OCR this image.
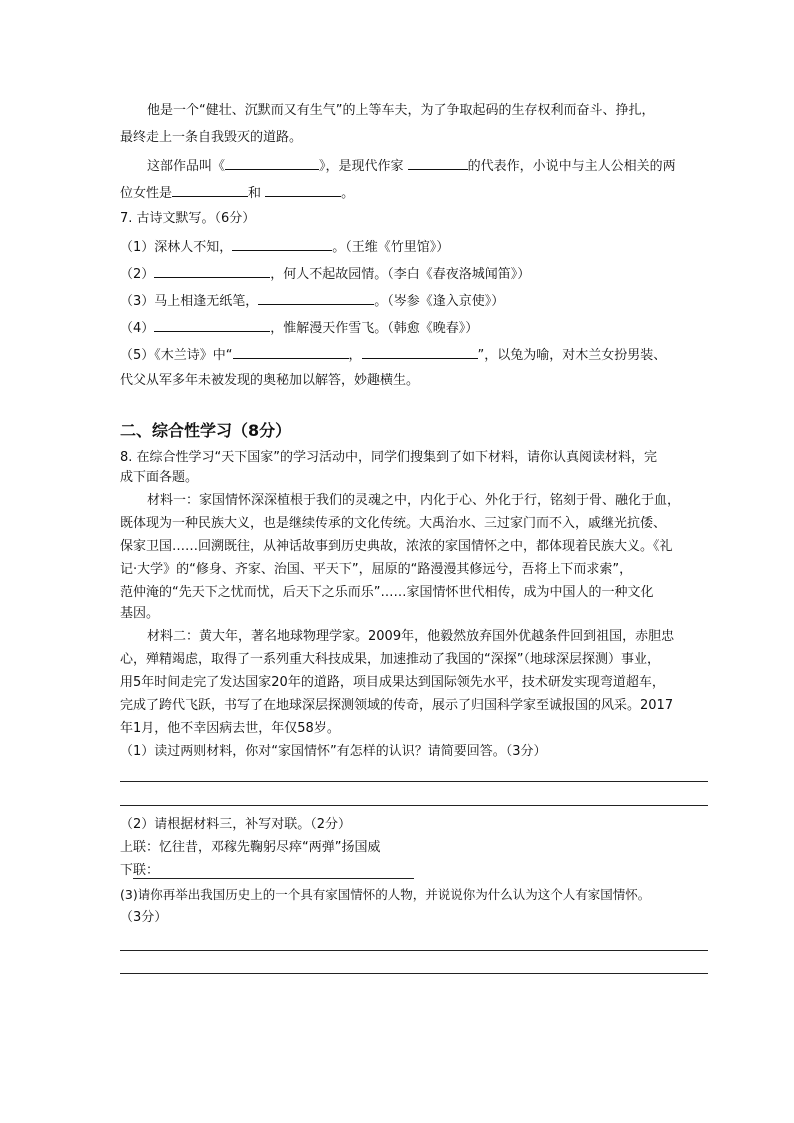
他是一个“健壮、沉默而又有生气”的上等车夫，为了争取起码的生存权利而奋斗、挣扎，
最终走上一条自我毁灭的道路。
这部作品叫《	》，是现代作家	的代表作，小说中与主人公相关的两
位女性是	和	。
7. 古诗文默写。（6分）
（1）深林人不知，	。（王维《竹里馆》）
（2）	，何人不起故园情。（李白《春夜洛城闻笛》）
（3）马上相逢无纸笔，	。（岑参《逢入京使》）
（4）	，惟解漫天作雪飞。（韩愈《晚春》）
（5）《木兰诗》中“	，	”，以兔为喻，对木兰女扮男装、
代父从军多年未被发现的奥秘加以解答，妙趣横生。
二、综合性学习（8分）
8. 在综合性学习“天下国家”的学习活动中，同学们搜集到了如下材料，请你认真阅读材料，完
成下面各题。
材料一：家国情怀深深植根于我们的灵魂之中，内化于心、外化于行，铭刻于骨、融化于血，
既体现为一种民族大义，也是继续传承的文化传统。大禹治水、三过家门而不入，戚继光抗倭、
保家卫国……回溯既往，从神话故事到历史典故，浓浓的家国情怀之中，都体现着民族大义。《礼
记·大学》的“修身、齐家、治国、平天下”，屈原的“路漫漫其修远兮，吾将上下而求索”，
范仲淹的“先天下之忧而忧，后天下之乐而乐”……家国情怀世代相传，成为中国人的一种文化
基因。
材料二：黄大年，著名地球物理学家。2009年，他毅然放弃国外优越条件回到祖国，赤胆忠
心，殚精竭虑，取得了一系列重大科技成果，加速推动了我国的“深探”（地球深层探测）事业，
用5年时间走完了发达国家20年的道路，项目成果达到国际领先水平，技术研发实现弯道超车，
完成了跨代飞跃，书写了在地球深层探测领域的传奇，展示了归国科学家至诚报国的风采。2017
年1月，他不幸因病去世，年仅58岁。
（1）读过两则材料，你对“家国情怀”有怎样的认识？请简要回答。（3分）
（2）请根据材料三，补写对联。（2分）
上联：忆往昔，邓稼先鞠躬尽瘁“两弹”扬国威
下联：
(3)请你再举出我国历史上的一个具有家国情怀的人物，并说说你为什么认为这个人有家国情怀。
（3分）
